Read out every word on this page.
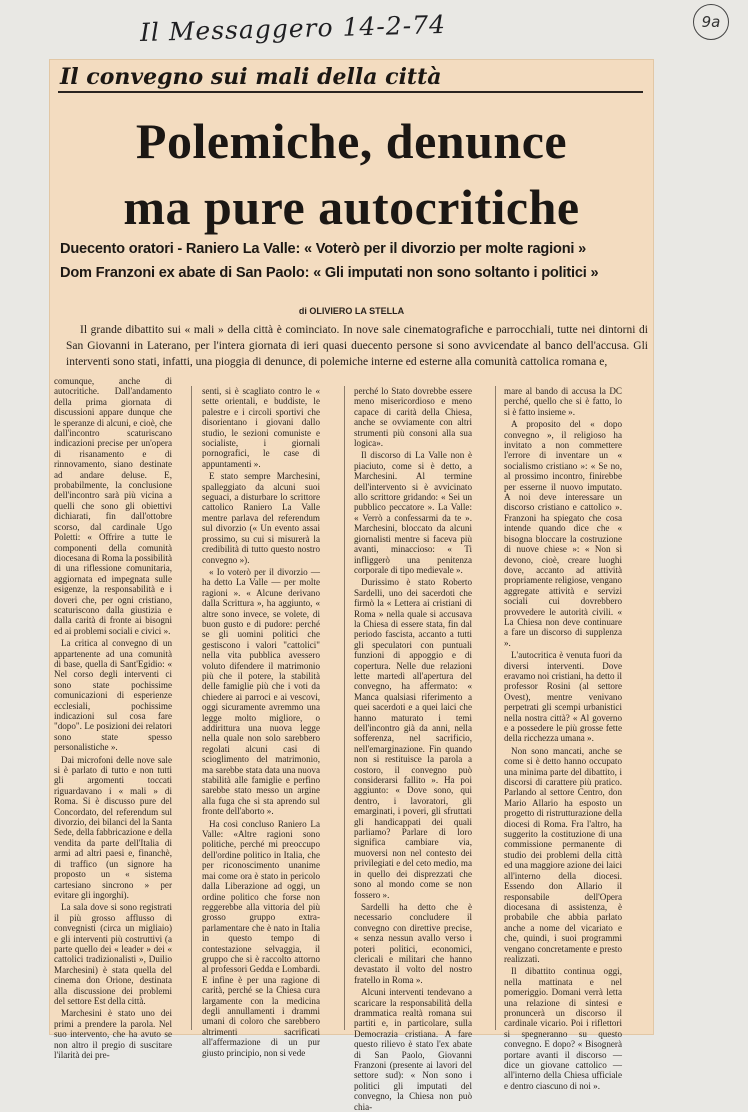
Il Messaggero 14-2-74	9a
Il convegno sui mali della città
Polemiche, denunce
ma pure autocritiche
Duecento oratori - Raniero La Valle: « Voterò per il divorzio per molte ragioni »
Dom Franzoni ex abate di San Paolo: « Gli imputati non sono soltanto i politici »
di OLIVIERO LA STELLA
Il grande dibattito sui « mali » della città è cominciato. In nove sale cinematografiche e parrocchiali, tutte nei dintorni di San Giovanni in Laterano, per l'intera giornata di ieri quasi duecento persone si sono avvicendate al banco dell'accusa. Gli interventi sono stati, infatti, una pioggia di denunce, di polemiche interne ed esterne alla comunità cattolica romana e,

comunque, anche di autocritiche. Dall'andamento della prima giornata di discussioni appare dunque che le speranze di alcuni, e cioè, che dall'incontro scaturiscano indicazioni precise per un'opera di risanamento e di rinnovamento, siano destinate ad andare deluse. E, probabilmente, la conclusione dell'incontro sarà più vicina a quelli che sono gli obiettivi dichiarati, fin dall'ottobre scorso, dal cardinale Ugo Poletti: « Offrire a tutte le componenti della comunità diocesana di Roma la possibilità di una riflessione comunitaria, aggiornata ed impegnata sulle esigenze, la responsabilità e i doveri che, per ogni cristiano, scaturiscono dalla giustizia e dalla carità di fronte ai bisogni ed ai problemi sociali e civici ».

La critica al convegno di un appartenente ad una comunità di base, quella di Sant'Egidio: « Nel corso degli interventi ci sono state pochissime comunicazioni di esperienze ecclesiali, pochissime indicazioni sul cosa fare "dopo". Le posizioni dei relatori sono state spesso personalistiche ».

Dai microfoni delle nove sale si è parlato di tutto e non tutti gli argomenti toccati riguardavano i « mali » di Roma. Si è discusso pure del Concordato, del referendum sul divorzio, dei bilanci del la Santa Sede, della fabbricazione e della vendita da parte dell'Italia di armi ad altri paesi e, financhè, di traffico (un signore ha proposto un « sistema cartesiano sincrono » per evitare gli ingorghi).

La sala dove si sono registrati il più grosso afflusso di convegnisti (circa un migliaio) e gli interventi più costruttivi (a parte quello dei « leader » dei « cattolici tradizionalisti », Duilio Marchesini) è stata quella del cinema don Orione, destinata alla discussione dei problemi del settore Est della città.

Marchesini è stato uno dei primi a prendere la parola. Nel suo intervento, che ha avuto se non altro il pregio di suscitare l'ilarità dei pre-

senti, si è scagliato contro le « sette orientali, e buddiste, le palestre e i circoli sportivi che disorientano i giovani dallo studio, le sezioni comuniste e socialiste, i giornali pornografici, le case di appuntamenti ».

E stato sempre Marchesini, spalleggiato da alcuni suoi seguaci, a disturbare lo scrittore cattolico Raniero La Valle mentre parlava del referendum sul divorzio (« Un evento assai prossimo, su cui si misurerà la credibilità di tutto questo nostro convegno »).

« Io voterò per il divorzio — ha detto La Valle — per molte ragioni ». « Alcune derivano dalla Scrittura », ha aggiunto, « altre sono invece, se volete, di buon gusto e di pudore: perché se gli uomini politici che gestiscono i valori "cattolici" nella vita pubblica avessero voluto difendere il matrimonio più che il potere, la stabilità delle famiglie più che i voti da chiedere ai parroci e ai vescovi, oggi sicuramente avremmo una legge molto migliore, o addirittura una nuova legge nella quale non solo sarebbero regolati alcuni casi di scioglimento del matrimonio, ma sarebbe stata data una nuova stabilità alle famiglie e perfino sarebbe stato messo un argine alla fuga che si sta aprendo sul fronte dell'aborto ».

Ha così concluso Raniero La Valle: «Altre ragioni sono politiche, perché mi preoccupo dell'ordine politico in Italia, che per riconoscimento unanime mai come ora è stato in pericolo dalla Liberazione ad oggi, un ordine politico che forse non reggerebbe alla vittoria del più grosso gruppo extra-parlamentare che è nato in Italia in questo tempo di contestazione selvaggia, il gruppo che si è raccolto attorno al professori Gedda e Lombardi. E infine è per una ragione di carità, perché se la Chiesa cura largamente con la medicina degli annullamenti i drammi umani di coloro che sarebbero altrimenti sacrificati all'affermazione di un pur giusto principio, non si vede

perché lo Stato dovrebbe essere meno misericordioso e meno capace di carità della Chiesa, anche se ovviamente con altri strumenti più consoni alla sua logica».

Il discorso di La Valle non è piaciuto, come si è detto, a Marchesini. Al termine dell'intervento si è avvicinato allo scrittore gridando: « Sei un pubblico peccatore ». La Valle: « Verrò a confessarmi da te ». Marchesini, bloccato da alcuni giornalisti mentre si faceva più avanti, minaccioso: « Ti infliggerò una penitenza corporale di tipo medievale ».

Durissimo è stato Roberto Sardelli, uno dei sacerdoti che firmò la « Lettera ai cristiani di Roma » nella quale si accusava la Chiesa di essere stata, fin dal periodo fascista, accanto a tutti gli speculatori con puntuali funzioni di appoggio e di copertura. Nelle due relazioni lette martedì all'apertura del convegno, ha affermato: « Manca qualsiasi riferimento a quei sacerdoti e a quei laici che hanno maturato i temi dell'incontro già da anni, nella sofferenza, nel sacrificio, nell'emarginazione. Fin quando non si restituisce la parola a costoro, il convegno può considerarsi fallito ». Ha poi aggiunto: « Dove sono, qui dentro, i lavoratori, gli emarginati, i poveri, gli sfruttati gli handicappati dei quali parliamo? Parlare di loro significa cambiare via, muoversi non nel contesto dei privilegiati e del ceto medio, ma in quello dei disprezzati che sono al mondo come se non fossero ».

Sardelli ha detto che è necessario concludere il convegno con direttive precise, « senza nessun avallo verso i poteri politici, economici, clericali e militari che hanno devastato il volto del nostro fratello in Roma ».

Alcuni interventi tendevano a scaricare la responsabilità della drammatica realtà romana sui partiti e, in particolare, sulla Democrazia cristiana. A fare questo rilievo è stato l'ex abate di San Paolo, Giovanni Franzoni (presente ai lavori del settore sud): « Non sono i politici gli imputati del convegno, la Chiesa non può chia-

mare al bando di accusa la DC perché, quello che si è fatto, lo si è fatto insieme ».

A proposito del « dopo convegno », il religioso ha invitato a non commettere l'errore di inventare un « socialismo cristiano »: « Se no, al prossimo incontro, finirebbe per esserne il nuovo imputato. A noi deve interessare un discorso cristiano e cattolico ». Franzoni ha spiegato che cosa intende quando dice che « bisogna bloccare la costruzione di nuove chiese »: « Non si devono, cioè, creare luoghi dove, accanto ad attività propriamente religiose, vengano aggregate attività e servizi sociali cui dovrebbero provvedere le autorità civili. « La Chiesa non deve continuare a fare un discorso di supplenza ».

L'autocritica è venuta fuori da diversi interventi. Dove eravamo noi cristiani, ha detto il professor Rosini (al settore Ovest), mentre venivano perpetrati gli scempi urbanistici nella nostra città? « Al governo e a possedere le più grosse fette della ricchezza umana ».

Non sono mancati, anche se come si è detto hanno occupato una minima parte del dibattito, i discorsi di carattere più pratico. Parlando al settore Centro, don Mario Allario ha esposto un progetto di ristrutturazione della diocesi di Roma. Fra l'altro, ha suggerito la costituzione di una commissione permanente di studio dei problemi della città ed una maggiore azione dei laici all'interno della diocesi. Essendo don Allario il responsabile dell'Opera diocesana di assistenza, è probabile che abbia parlato anche a nome del vicariato e che, quindi, i suoi programmi vengano concretamente e presto realizzati.

Il dibattito continua oggi, nella mattinata e nel pomeriggio. Domani verrà letta una relazione di sintesi e pronuncerà un discorso il cardinale vicario. Poi i riflettori si spegneranno su questo convegno. E dopo? « Bisognerà portare avanti il discorso — dice un giovane cattolico — all'interno della Chiesa ufficiale e dentro ciascuno di noi ».
